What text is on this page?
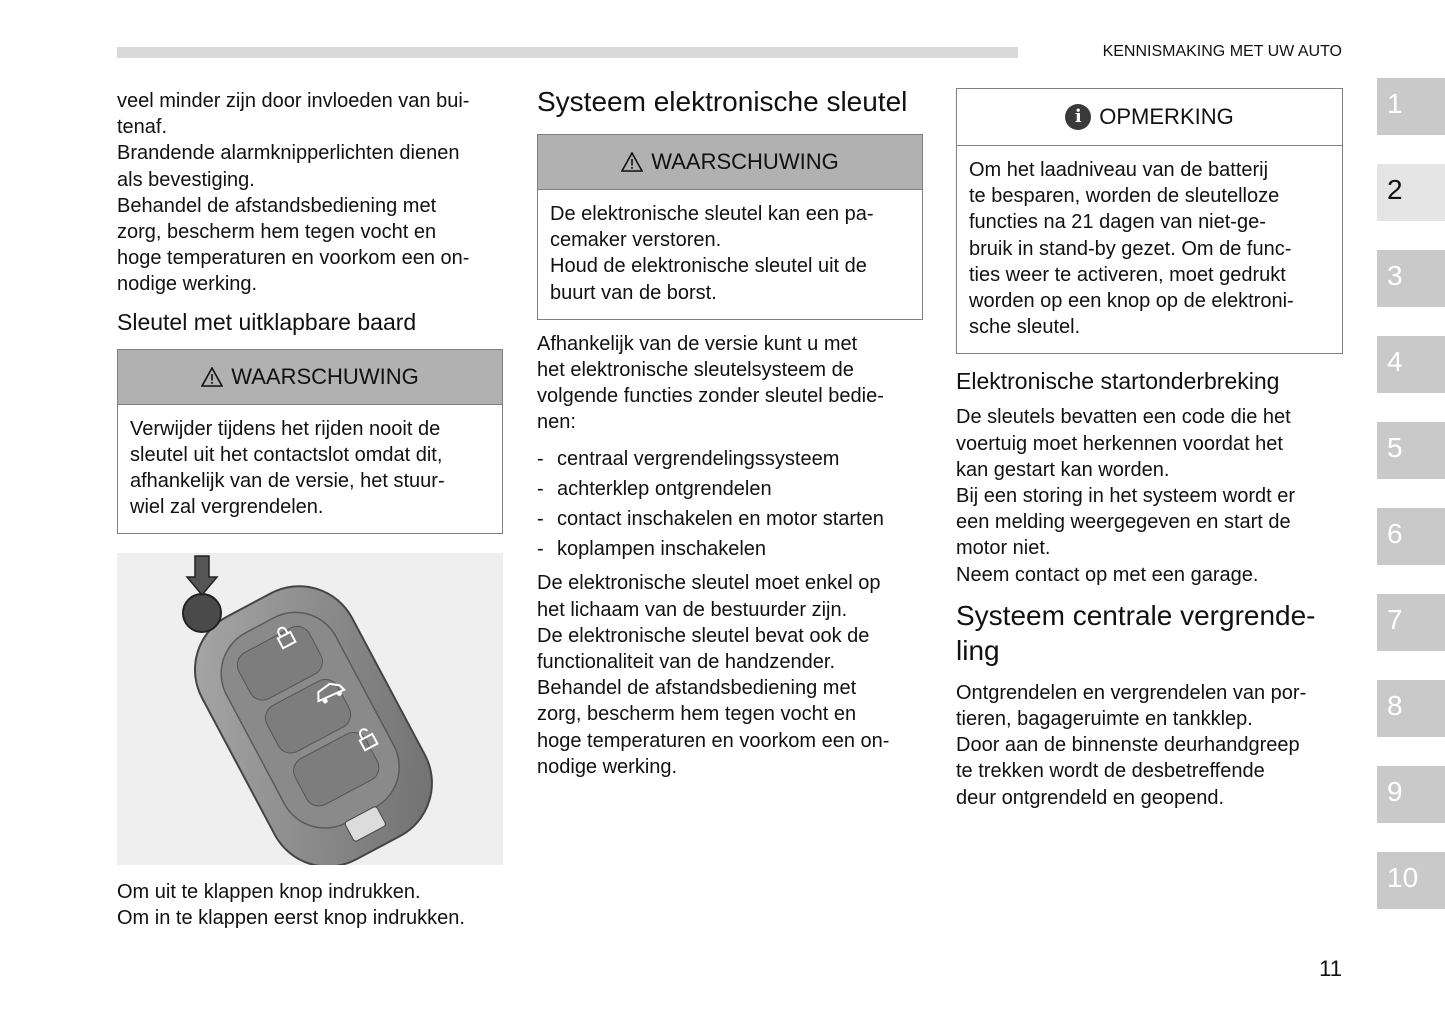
KENNISMAKING MET UW AUTO

veel minder zijn door invloeden van bui-

tenaf.

Brandende alarmknipperlichten dienen

als bevestiging.

Behandel de afstandsbediening met

zorg, bescherm hem tegen vocht en

hoge temperaturen en voorkom een on-

nodige werking.

Sleutel met uitklapbare baard
WAARSCHUWING

Verwijder tijdens het rijden nooit de

sleutel uit het contactslot omdat dit,

afhankelijk van de versie, het stuur-

wiel zal vergrendelen.

Om uit te klappen knop indrukken.

Om in te klappen eerst knop indrukken.

Systeem elektronische sleutel
WAARSCHUWING

De elektronische sleutel kan een pa-

cemaker verstoren.

Houd de elektronische sleutel uit de

buurt van de borst.

Afhankelijk van de versie kunt u met

het elektronische sleutelsysteem de

volgende functies zonder sleutel bedie-

nen:

- centraal vergrendelingssysteem
- achterklep ontgrendelen
- contact inschakelen en motor starten
- koplampen inschakelen

De elektronische sleutel moet enkel op

het lichaam van de bestuurder zijn.

De elektronische sleutel bevat ook de

functionaliteit van de handzender.

Behandel de afstandsbediening met

zorg, bescherm hem tegen vocht en

hoge temperaturen en voorkom een on-

nodige werking.

i OPMERKING

Om het laadniveau van de batterij

te besparen, worden de sleutelloze

functies na 21 dagen van niet-ge-

bruik in stand-by gezet. Om de func-

ties weer te activeren, moet gedrukt

worden op een knop op de elektroni-

sche sleutel.

Elektronische startonderbreking

De sleutels bevatten een code die het

voertuig moet herkennen voordat het

kan gestart kan worden.

Bij een storing in het systeem wordt er

een melding weergegeven en start de

motor niet.

Neem contact op met een garage.

Systeem centrale vergrende-
ling

Ontgrendelen en vergrendelen van por-

tieren, bagageruimte en tankklep.

Door aan de binnenste deurhandgreep

te trekken wordt de desbetreffende

deur ontgrendeld en geopend.

1
2
3
4
5
6
7
8
9
10
11
